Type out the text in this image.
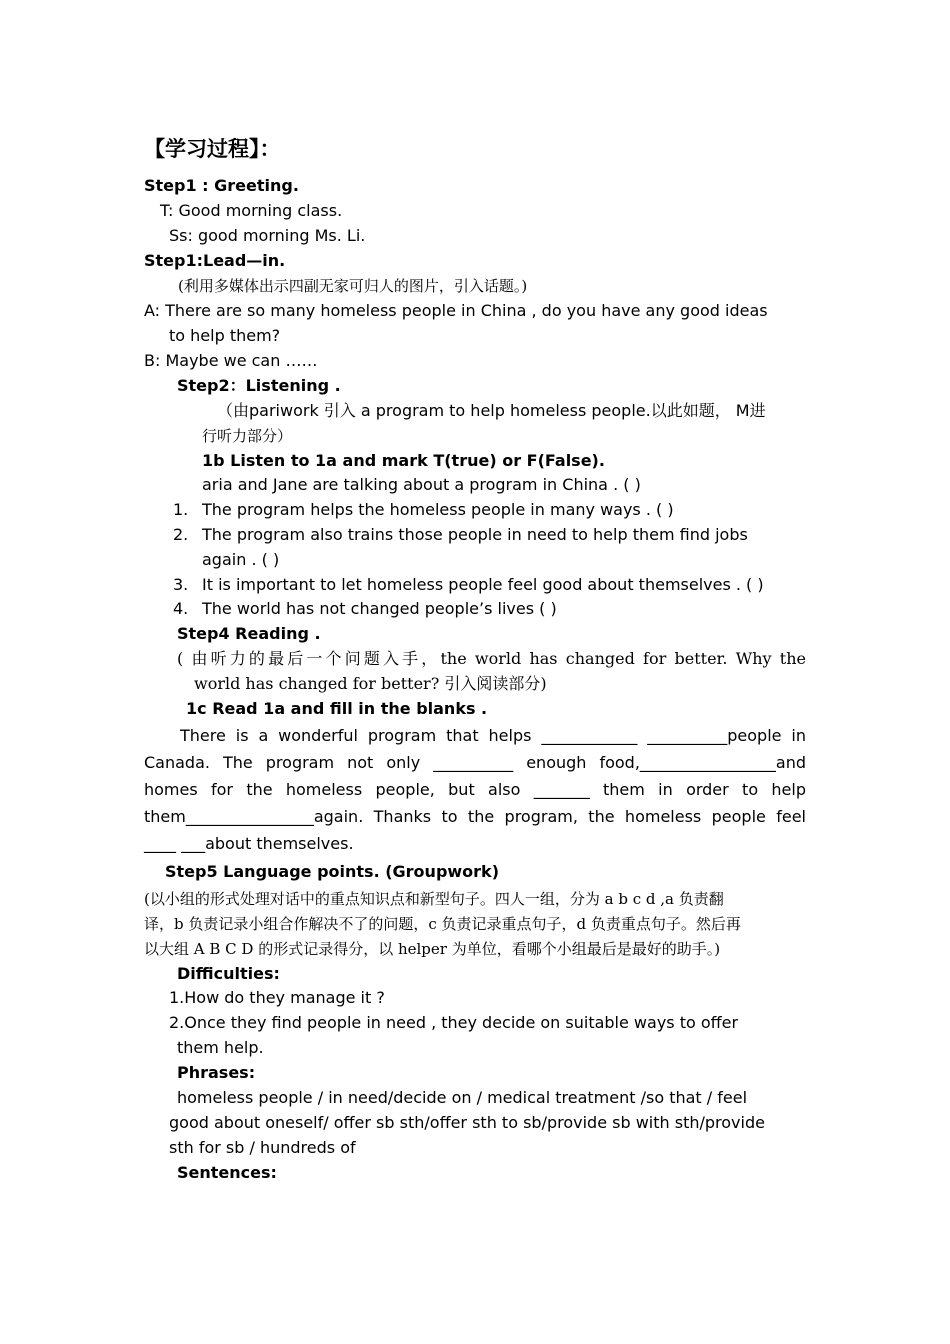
【学习过程】：
Step1 : Greeting.
T: Good morning class.
Ss: good morning Ms. Li.
Step1:Lead—in.
(利用多媒体出示四副无家可归人的图片，引入话题。)
A: There are so many homeless people in China , do you have any good ideas
to help them?
B: Maybe we can ……
Step2：Listening .
（由pariwork 引入 a program to help homeless people.以此如题， M进
行听力部分）
1b Listen to 1a and mark T(true) or F(False).
aria and Jane are talking about a program in China . ( )
1. The program helps the homeless people in many ways . ( )
2. The program also trains those people in need to help them find jobs
again . ( )
3. It is important to let homeless people feel good about themselves . ( )
4. The world has not changed people’s lives ( )
Step4 Reading .
( 由听力的最后一个问题入手，the world has changed for better. Why the
world has changed for better? 引入阅读部分)
1c Read 1a and fill in the blanks .
There is a wonderful program that helps ____________ __________people in
Canada. The program not only __________ enough food,_________________and
homes for the homeless people, but also _______ them in order to help
them________________again. Thanks to the program, the homeless people feel
____ ___about themselves.
Step5 Language points. (Groupwork)
(以小组的形式处理对话中的重点知识点和新型句子。四人一组，分为 a b c d ,a 负责翻
译，b 负责记录小组合作解决不了的问题，c 负责记录重点句子，d 负责重点句子。然后再
以大组 A B C D 的形式记录得分，以 helper 为单位，看哪个小组最后是最好的助手。)
Difficulties:
1.How do they manage it ?
2.Once they find people in need , they decide on suitable ways to offer
them help.
Phrases:
homeless people / in need/decide on / medical treatment /so that / feel
good about oneself/ offer sb sth/offer sth to sb/provide sb with sth/provide
sth for sb / hundreds of
Sentences:
